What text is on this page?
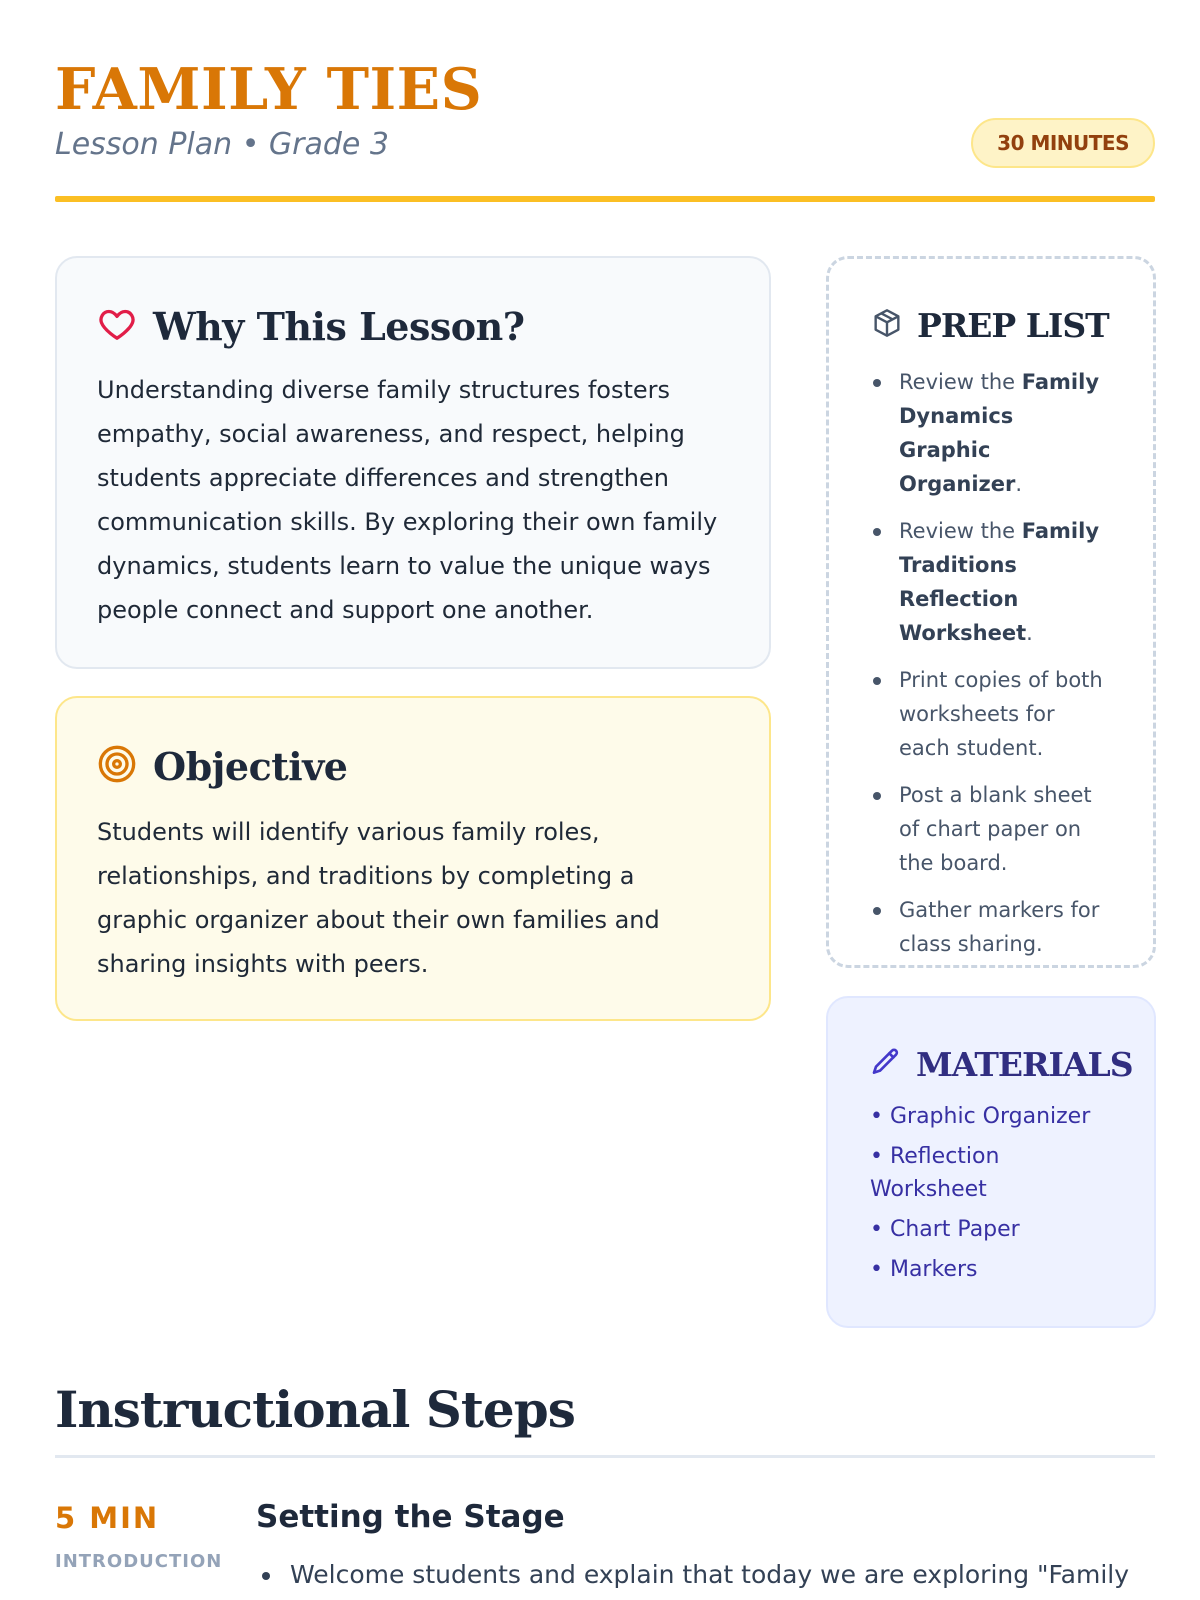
FAMILY TIES
Lesson Plan • Grade 3	30 MINUTES
Why This Lesson?

Understanding diverse family structures fosters empathy, social awareness, and respect, helping students appreciate differences and strengthen communication skills. By exploring their own family dynamics, students learn to value the unique ways people connect and support one another.

Objective

Students will identify various family roles, relationships, and traditions by completing a graphic organizer about their own families and sharing insights with peers.

PREP LIST
Review the Family Dynamics Graphic Organizer.
Review the Family Traditions Reflection Worksheet.
Print copies of both worksheets for each student.
Post a blank sheet of chart paper on the board.
Gather markers for class sharing.
MATERIALS
• Graphic Organizer
• Reflection Worksheet
• Chart Paper
• Markers
Instructional Steps
5 MIN
INTRODUCTION
Setting the Stage
Welcome students and explain that today we are exploring "Family
